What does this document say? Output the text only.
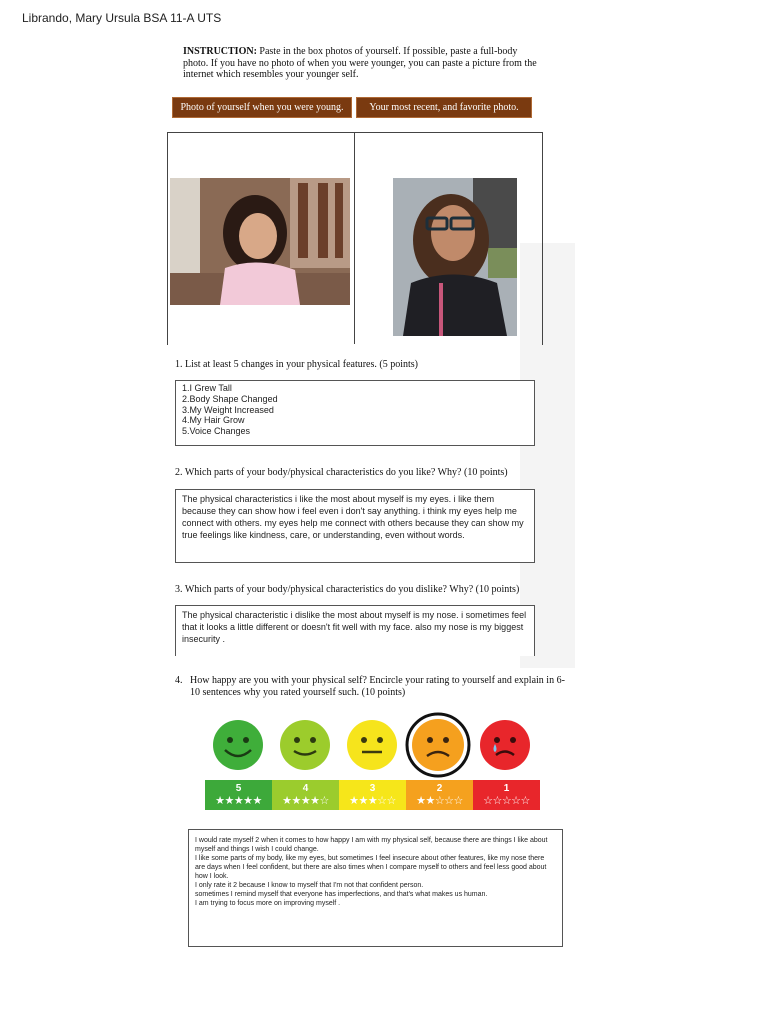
Librando, Mary Ursula BSA 11-A UTS
INSTRUCTION: Paste in the box photos of yourself. If possible, paste a full-body photo. If you have no photo of when you were younger, you can paste a picture from the internet which resembles your younger self.
Photo of yourself when you were young.	Your most recent, and favorite photo.
1. List at least 5 changes in your physical features. (5 points)
1.I Grew Tall
2.Body Shape Changed
3.My Weight Increased
4.My Hair Grow
5.Voice Changes
2. Which parts of your body/physical characteristics do you like? Why? (10 points)
The physical characteristics i like the most about myself is my eyes. i like them because they can show how i feel even i don't say anything. i think my eyes help me connect with others. my eyes help me connect with others because they can show my true feelings like kindness, care, or understanding, even without words.
3. Which parts of your body/physical characteristics do you dislike? Why? (10 points)
The physical characteristic i dislike the most about myself is my nose. i sometimes feel that it looks a little different or doesn't fit well with my face. also my nose is my biggest insecurity .
4. How happy are you with your physical self? Encircle your rating to yourself and explain in 6-10 sentences why you rated yourself such. (10 points)
5
★★★★★
4
★★★★☆
3
★★★☆☆
2
★★☆☆☆
1
☆☆☆☆☆
I would rate myself 2 when it comes to how happy I am with my physical self, because there are things I like about myself and things I wish I could change.
I like some parts of my body, like my eyes, but sometimes I feel insecure about other features, like my nose there are days when I feel confident, but there are also times when I compare myself to others and feel less good about how I look.
I only rate it 2 because I know to myself that I'm not that confident person.
sometimes I remind myself that everyone has imperfections, and that's what makes us human.
I am trying to focus more on improving myself .
